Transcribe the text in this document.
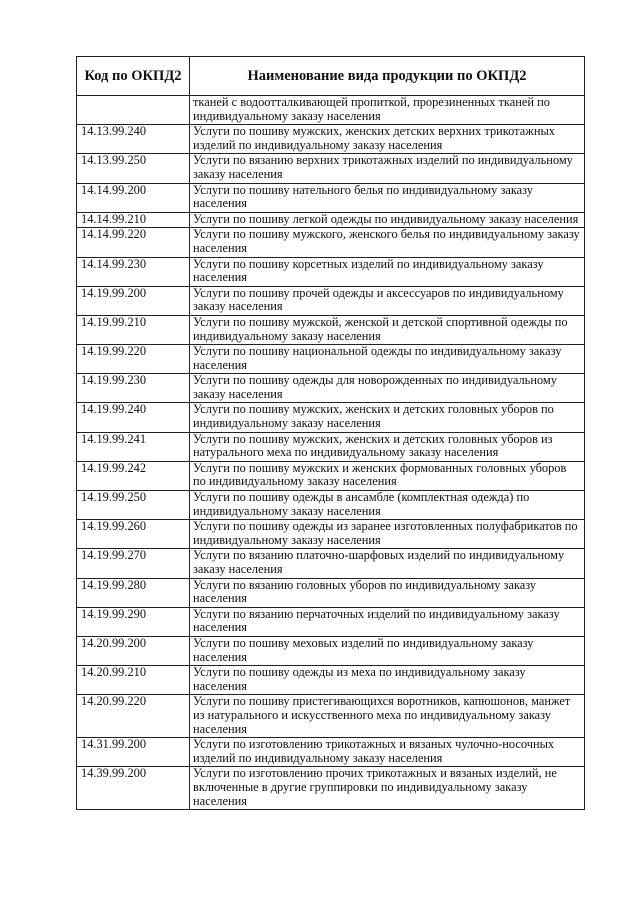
Код по ОКПД2	Наименование вида продукции по ОКПД2
	тканей с водоотталкивающей пропиткой, прорезиненных тканей по индивидуальному заказу населения
14.13.99.240	Услуги по пошиву мужских, женских детских верхних трикотажных изделий по индивидуальному заказу населения
14.13.99.250	Услуги по вязанию верхних трикотажных изделий по индивидуальному заказу населения
14.14.99.200	Услуги по пошиву нательного белья по индивидуальному заказу населения
14.14.99.210	Услуги по пошиву легкой одежды по индивидуальному заказу населения
14.14.99.220	Услуги по пошиву мужского, женского белья по индивидуальному заказу населения
14.14.99.230	Услуги по пошиву корсетных изделий по индивидуальному заказу населения
14.19.99.200	Услуги по пошиву прочей одежды и аксессуаров по индивидуальному заказу населения
14.19.99.210	Услуги по пошиву мужской, женской и детской спортивной одежды по индивидуальному заказу населения
14.19.99.220	Услуги по пошиву национальной одежды по индивидуальному заказу населения
14.19.99.230	Услуги по пошиву одежды для новорожденных по индивидуальному заказу населения
14.19.99.240	Услуги по пошиву мужских, женских и детских головных уборов по индивидуальному заказу населения
14.19.99.241	Услуги по пошиву мужских, женских и детских головных уборов из натурального меха по индивидуальному заказу населения
14.19.99.242	Услуги по пошиву мужских и женских формованных головных уборов по индивидуальному заказу населения
14.19.99.250	Услуги по пошиву одежды в ансамбле (комплектная одежда) по индивидуальному заказу населения
14.19.99.260	Услуги по пошиву одежды из заранее изготовленных полуфабрикатов по индивидуальному заказу населения
14.19.99.270	Услуги по вязанию платочно-шарфовых изделий по индивидуальному заказу населения
14.19.99.280	Услуги по вязанию головных уборов по индивидуальному заказу населения
14.19.99.290	Услуги по вязанию перчаточных изделий по индивидуальному заказу населения
14.20.99.200	Услуги по пошиву меховых изделий по индивидуальному заказу населения
14.20.99.210	Услуги по пошиву одежды из меха по индивидуальному заказу населения
14.20.99.220	Услуги по пошиву пристегивающихся воротников, капюшонов, манжет из натурального и искусственного меха по индивидуальному заказу населения
14.31.99.200	Услуги по изготовлению трикотажных и вязаных чулочно-носочных изделий по индивидуальному заказу населения
14.39.99.200	Услуги по изготовлению прочих трикотажных и вязаных изделий, не включенные в другие группировки по индивидуальному заказу населения
